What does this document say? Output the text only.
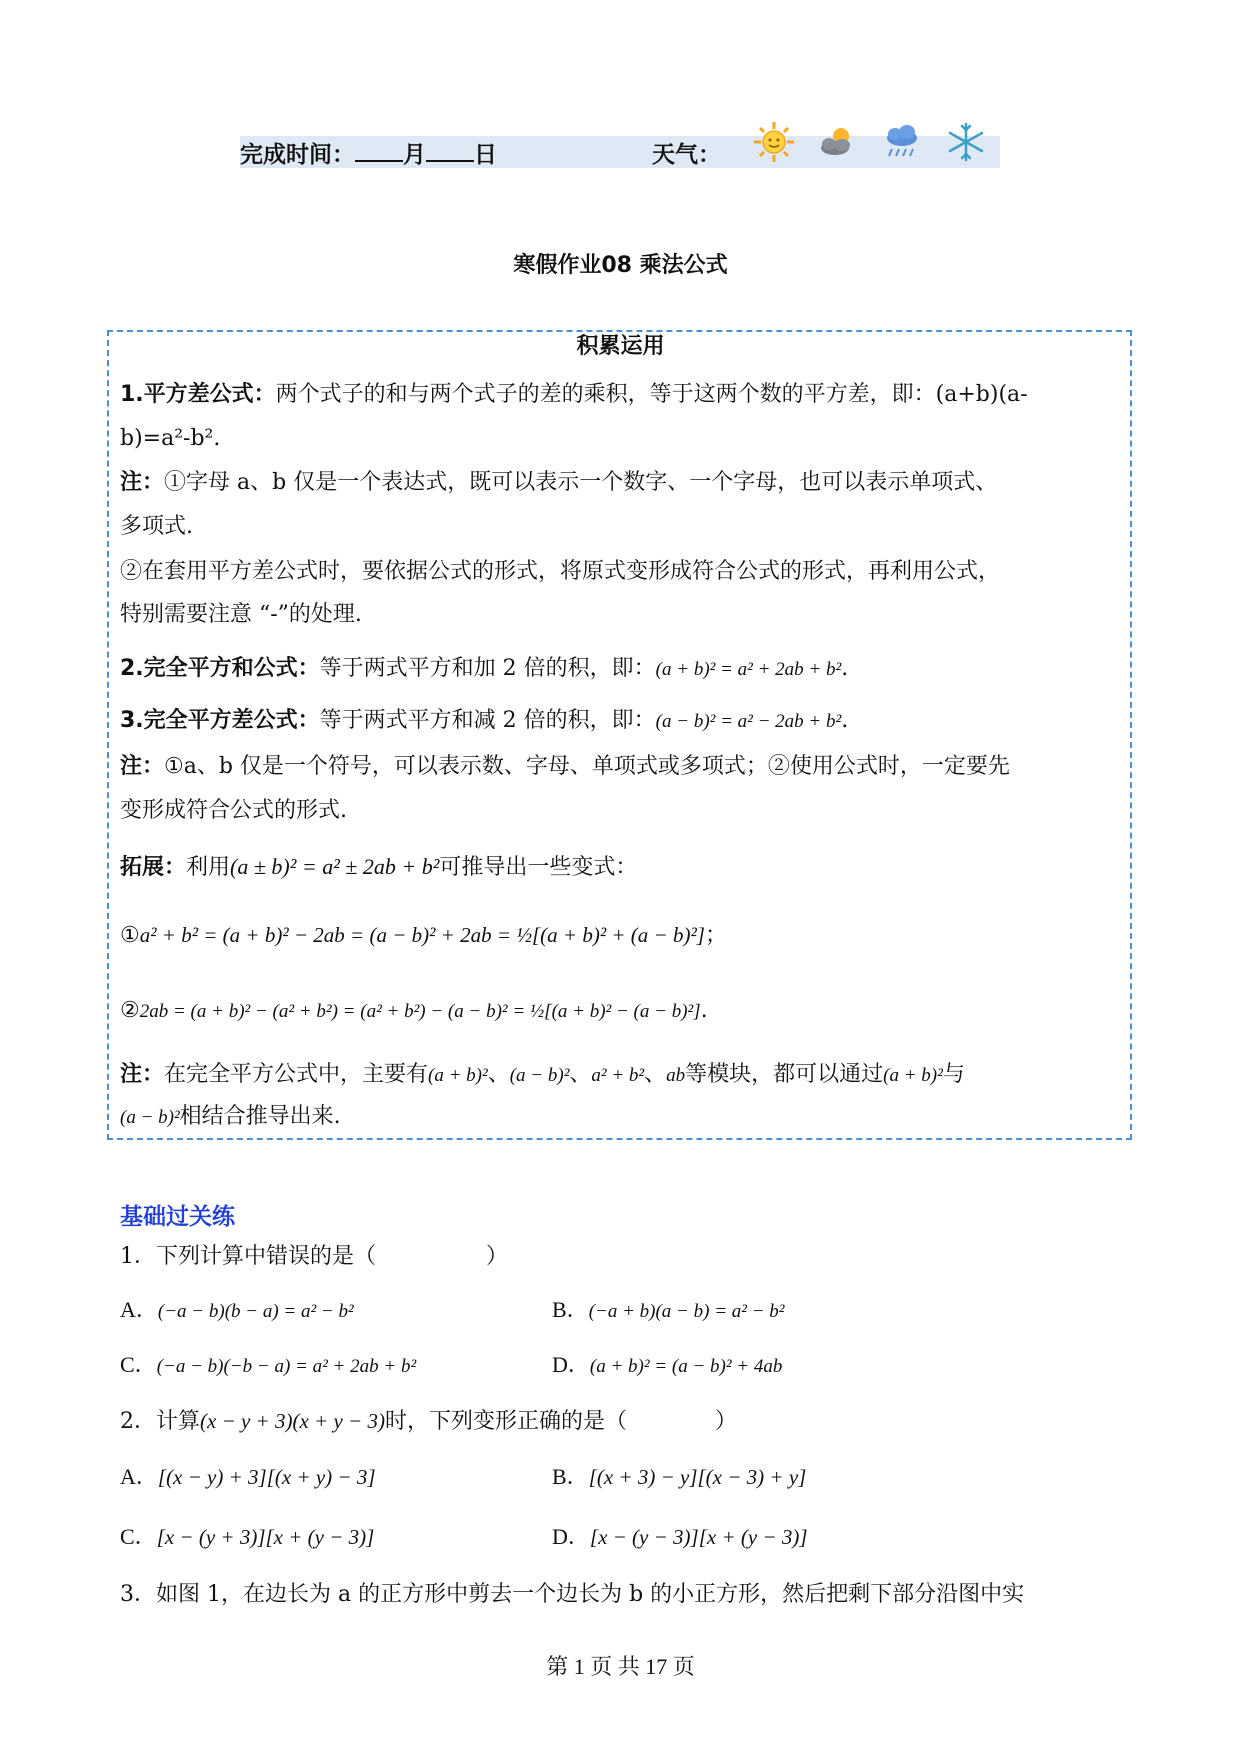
完成时间： 月 日	天气：
寒假作业08 乘法公式
积累运用
1.平方差公式：两个式子的和与两个式子的差的乘积，等于这两个数的平方差，即：(a+b)(a-
b)=a²-b².
注：①字母 a、b 仅是一个表达式，既可以表示一个数字、一个字母，也可以表示单项式、
多项式.
②在套用平方差公式时，要依据公式的形式，将原式变形成符合公式的形式，再利用公式，
特别需要注意 “-”的处理.
2.完全平方和公式：等于两式平方和加 2 倍的积，即：(a + b)² = a² + 2ab + b².
3.完全平方差公式：等于两式平方和减 2 倍的积，即：(a − b)² = a² − 2ab + b².
注：①a、b 仅是一个符号，可以表示数、字母、单项式或多项式；②使用公式时，一定要先
变形成符合公式的形式.
拓展：利用(a ± b)² = a² ± 2ab + b²可推导出一些变式：
①a² + b² = (a + b)² − 2ab = (a − b)² + 2ab = ½[(a + b)² + (a − b)²]；
②2ab = (a + b)² − (a² + b²) = (a² + b²) − (a − b)² = ½[(a + b)² − (a − b)²].
注：在完全平方公式中，主要有(a + b)²、(a − b)²、a² + b²、ab等模块，都可以通过(a + b)²与
(a − b)²相结合推导出来.
基础过关练
1．下列计算中错误的是（　　　　　）
A．(−a − b)(b − a) = a² − b²	B．(−a + b)(a − b) = a² − b²
C．(−a − b)(−b − a) = a² + 2ab + b²	D．(a + b)² = (a − b)² + 4ab
2．计算(x − y + 3)(x + y − 3)时，下列变形正确的是（　　　　）
A．[(x − y) + 3][(x + y) − 3]	B．[(x + 3) − y][(x − 3) + y]
C．[x − (y + 3)][x + (y − 3)]	D．[x − (y − 3)][x + (y − 3)]
3．如图 1，在边长为 a 的正方形中剪去一个边长为 b 的小正方形，然后把剩下部分沿图中实
第 1 页 共 17 页
